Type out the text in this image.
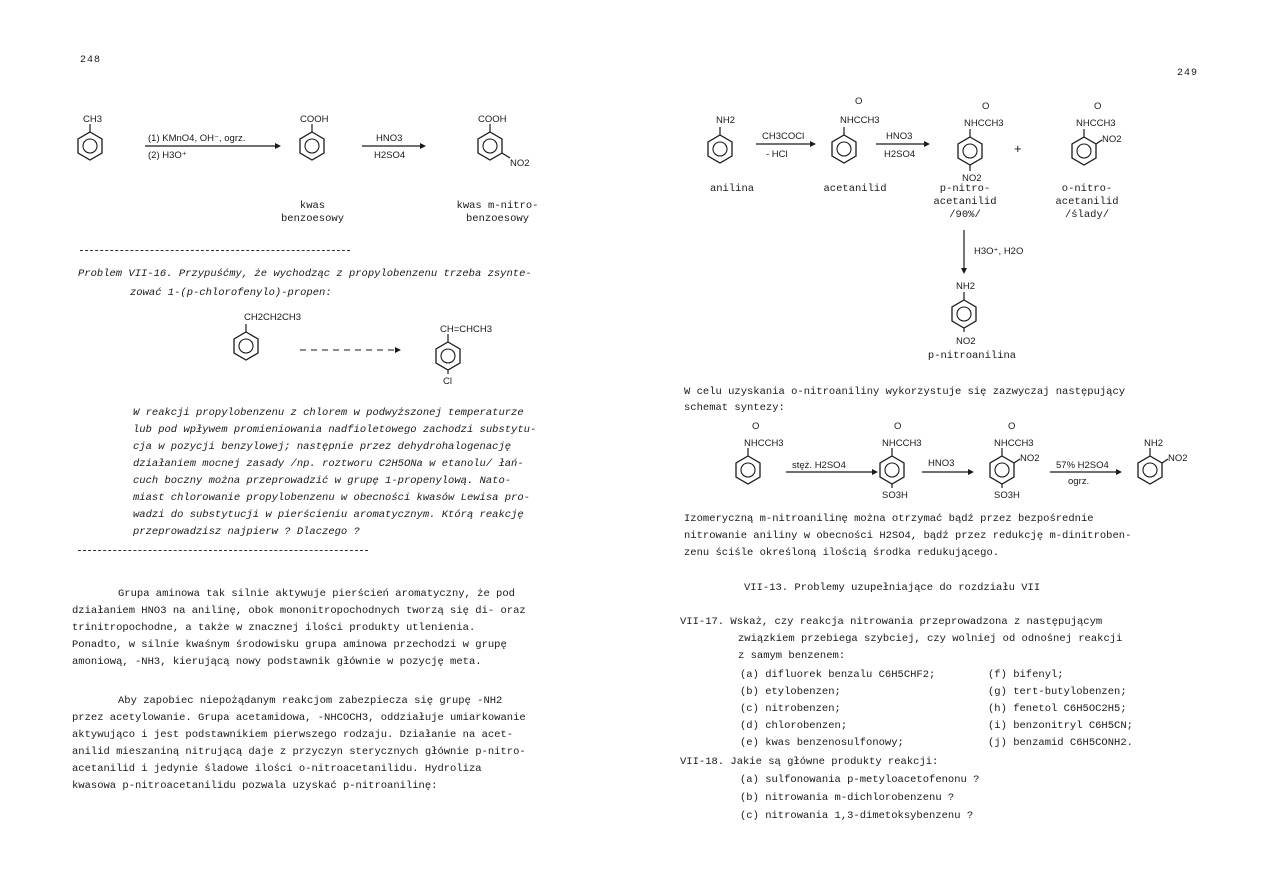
248
CH3
(1) KMnO4, OH⁻, ogrz.
(2) H3O⁺
COOH
HNO3
H2SO4
COOH
NO2
kwas
benzoesowy
kwas m-nitro-
benzoesowy
Problem VII-16. Przypuśćmy, że wychodząc z propylobenzenu trzeba zsynte-
zować 1-(p-chlorofenylo)-propen:
CH2CH2CH3
CH=CHCH3
Cl
W reakcji propylobenzenu z chlorem w podwyższonej temperaturze
lub pod wpływem promieniowania nadfioletowego zachodzi substytu-
cja w pozycji benzylowej; następnie przez dehydrohalogenację
działaniem mocnej zasady /np. roztworu C2H5ONa w etanolu/ łań-
cuch boczny można przeprowadzić w grupę 1-propenylową. Nato-
miast chlorowanie propylobenzenu w obecności kwasów Lewisa pro-
wadzi do substytucji w pierścieniu aromatycznym. Którą reakcję
przeprowadzisz najpierw ? Dlaczego ?
Grupa aminowa tak silnie aktywuje pierścień aromatyczny, że pod
działaniem HNO3 na anilinę, obok mononitropochodnych tworzą się di- oraz
trinitropochodne, a także w znacznej ilości produkty utlenienia.
Ponadto, w silnie kwaśnym środowisku grupa aminowa przechodzi w grupę
amoniową, -NH3, kierującą nowy podstawnik głównie w pozycję meta.
Aby zapobiec niepożądanym reakcjom zabezpiecza się grupę -NH2
przez acetylowanie. Grupa acetamidowa, -NHCOCH3, oddziałuje umiarkowanie
aktywująco i jest podstawnikiem pierwszego rodzaju. Działanie na acet-
anilid mieszaniną nitrującą daje z przyczyn sterycznych głównie p-nitro-
acetanilid i jedynie śladowe ilości o-nitroacetanilidu. Hydroliza
kwasowa p-nitroacetanilidu pozwala uzyskać p-nitroanilinę:
249
NH2
CH3COCl
- HCl
O
NHCCH3
HNO3
H2SO4
O
NHCCH3
NO2
+
O
NHCCH3
NO2
anilina	acetanilid	p-nitro-
acetanilid
/90%/
o-nitro-
acetanilid
/ślady/
H3O⁺, H2O
NH2
NO2
p-nitroanilina
W celu uzyskania o-nitroaniliny wykorzystuje się zazwyczaj następujący
schemat syntezy:
O
NHCCH3
stęż. H2SO4
O
NHCCH3
SO3H
HNO3
O
NHCCH3
NO2
SO3H
57% H2SO4
ogrz.
NH2
NO2
Izomeryczną m-nitroanilinę można otrzymać bądź przez bezpośrednie
nitrowanie aniliny w obecności H2SO4, bądź przez redukcję m-dinitroben-
zenu ściśle określoną ilością środka redukującego.
VII-13. Problemy uzupełniające do rozdziału VII
VII-17. Wskaż, czy reakcja nitrowania przeprowadzona z następującym
związkiem przebiega szybciej, czy wolniej od odnośnej reakcji
z samym benzenem:
(a) difluorek benzalu C6H5CHF2;
(b) etylobenzen;
(c) nitrobenzen;
(d) chlorobenzen;
(e) kwas benzenosulfonowy;
(f) bifenyl;
(g) tert-butylobenzen;
(h) fenetol C6H5OC2H5;
(i) benzonitryl C6H5CN;
(j) benzamid C6H5CONH2.
VII-18. Jakie są główne produkty reakcji:
(a) sulfonowania p-metyloacetofenonu ?
(b) nitrowania m-dichlorobenzenu ?
(c) nitrowania 1,3-dimetoksybenzenu ?
